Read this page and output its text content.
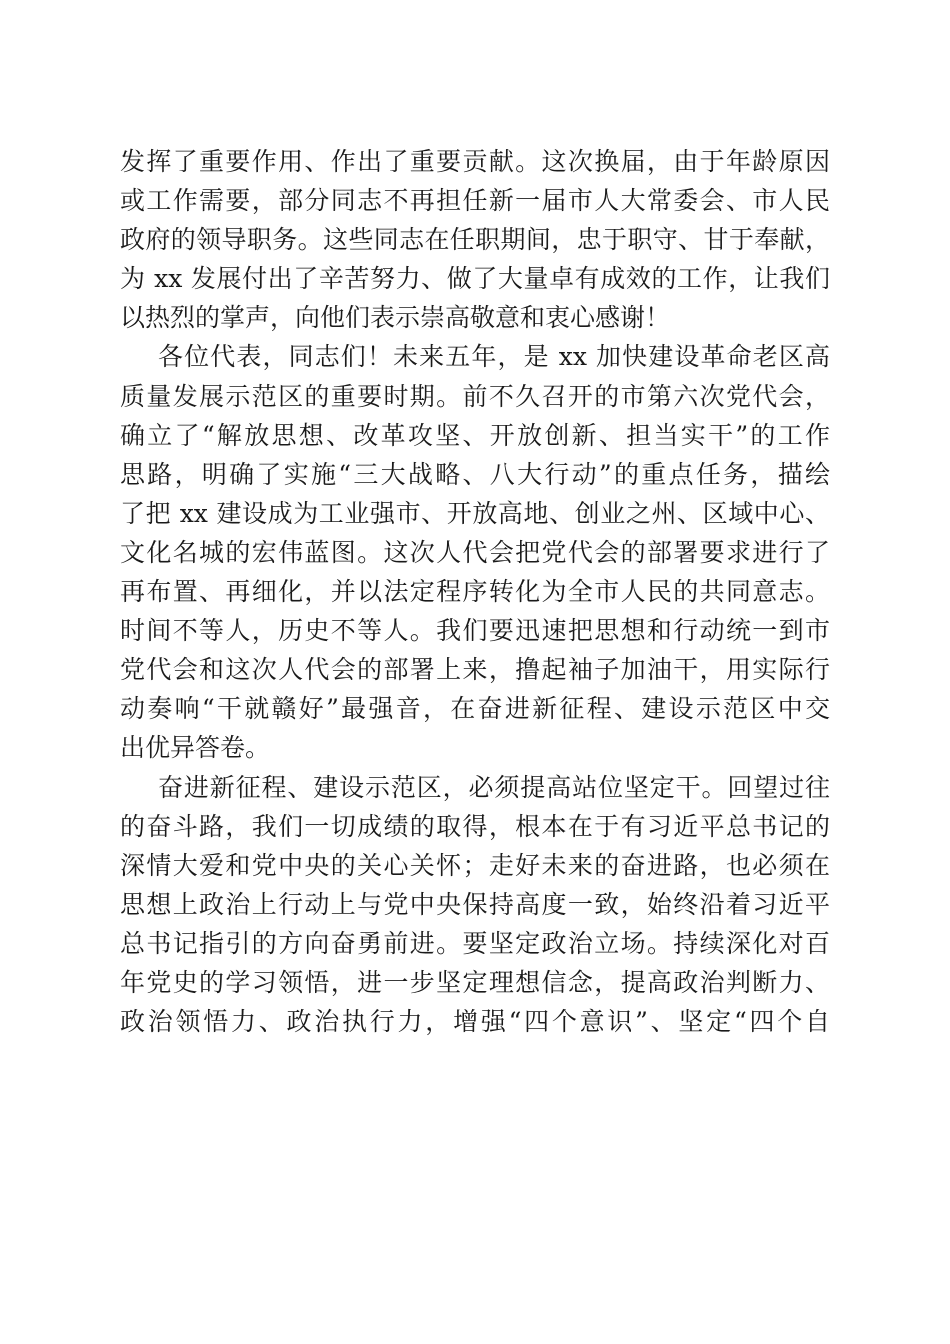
发挥了重要作用、作出了重要贡献。这次换届，由于年龄原因
或工作需要，部分同志不再担任新一届市人大常委会、市人民
政府的领导职务。这些同志在任职期间，忠于职守、甘于奉献，
为 xx 发展付出了辛苦努力、做了大量卓有成效的工作，让我们
以热烈的掌声，向他们表示崇高敬意和衷心感谢！
各位代表，同志们！未来五年，是 xx 加快建设革命老区高
质量发展示范区的重要时期。前不久召开的市第六次党代会，
确立了“解放思想、改革攻坚、开放创新、担当实干”的工作
思路，明确了实施“三大战略、八大行动”的重点任务，描绘
了把 xx 建设成为工业强市、开放高地、创业之州、区域中心、
文化名城的宏伟蓝图。这次人代会把党代会的部署要求进行了
再布置、再细化，并以法定程序转化为全市人民的共同意志。
时间不等人，历史不等人。我们要迅速把思想和行动统一到市
党代会和这次人代会的部署上来，撸起袖子加油干，用实际行
动奏响“干就赣好”最强音，在奋进新征程、建设示范区中交
出优异答卷。
奋进新征程、建设示范区，必须提高站位坚定干。回望过往
的奋斗路，我们一切成绩的取得，根本在于有习近平总书记的
深情大爱和党中央的关心关怀；走好未来的奋进路，也必须在
思想上政治上行动上与党中央保持高度一致，始终沿着习近平
总书记指引的方向奋勇前进。要坚定政治立场。持续深化对百
年党史的学习领悟，进一步坚定理想信念，提高政治判断力、
政治领悟力、政治执行力，增强“四个意识”、坚定“四个自
